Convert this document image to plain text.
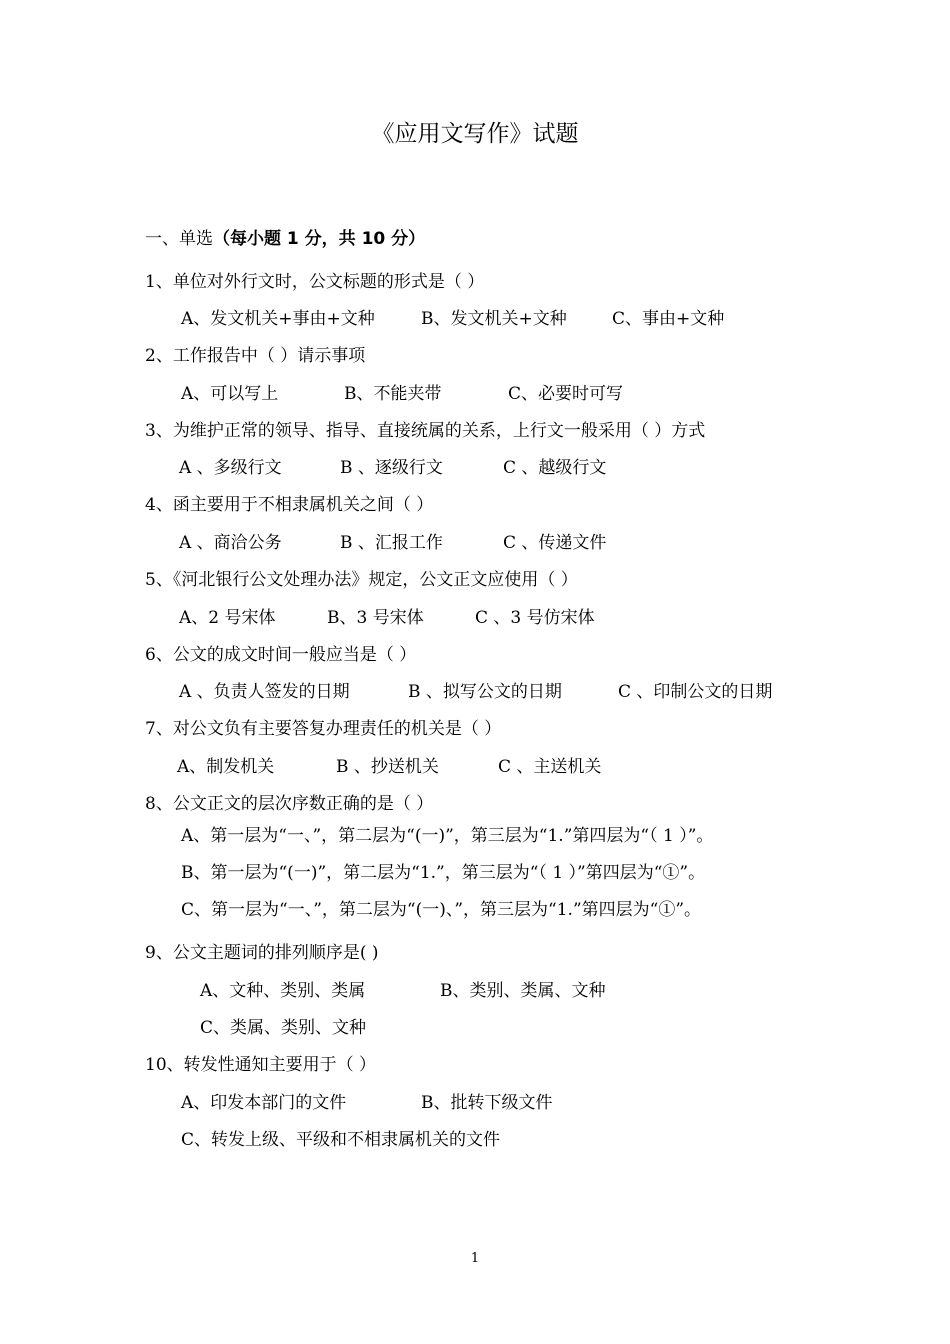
《应用文写作》试题
一、单选（每小题 1 分，共 10 分）
1、单位对外行文时，公文标题的形式是（ ）
A、发文机关+事由+文种	B、发文机关+文种	C、事由+文种
2、工作报告中（ ）请示事项
A、可以写上	B、不能夹带	C、必要时可写
3、为维护正常的领导、指导、直接统属的关系，上行文一般采用（ ）方式
A 、多级行文	B 、逐级行文	C 、越级行文
4、函主要用于不相隶属机关之间（ ）
A 、商洽公务	B 、汇报工作	C 、传递文件
5、《河北银行公文处理办法》规定，公文正文应使用（ ）
A、2 号宋体	B、3 号宋体	C 、3 号仿宋体
6、公文的成文时间一般应当是（ ）
A 、负责人签发的日期	B 、拟写公文的日期	C 、印制公文的日期
7、对公文负有主要答复办理责任的机关是（ ）
A、制发机关	B 、抄送机关	C 、主送机关
8、公文正文的层次序数正确的是（ ）
A、第一层为“一、”，第二层为“(一)”，第三层为“1.”第四层为“（ 1 ）”。
B、第一层为“(一)”，第二层为“1.”，第三层为“（ 1 ）”第四层为“①”。
C、第一层为“一、”，第二层为“(一)、”，第三层为“1.”第四层为“①”。
9、公文主题词的排列顺序是( )
A、文种、类别、类属	B、类别、类属、文种
C、类属、类别、文种
10、转发性通知主要用于（ ）
A、印发本部门的文件	B、批转下级文件
C、转发上级、平级和不相隶属机关的文件
1
